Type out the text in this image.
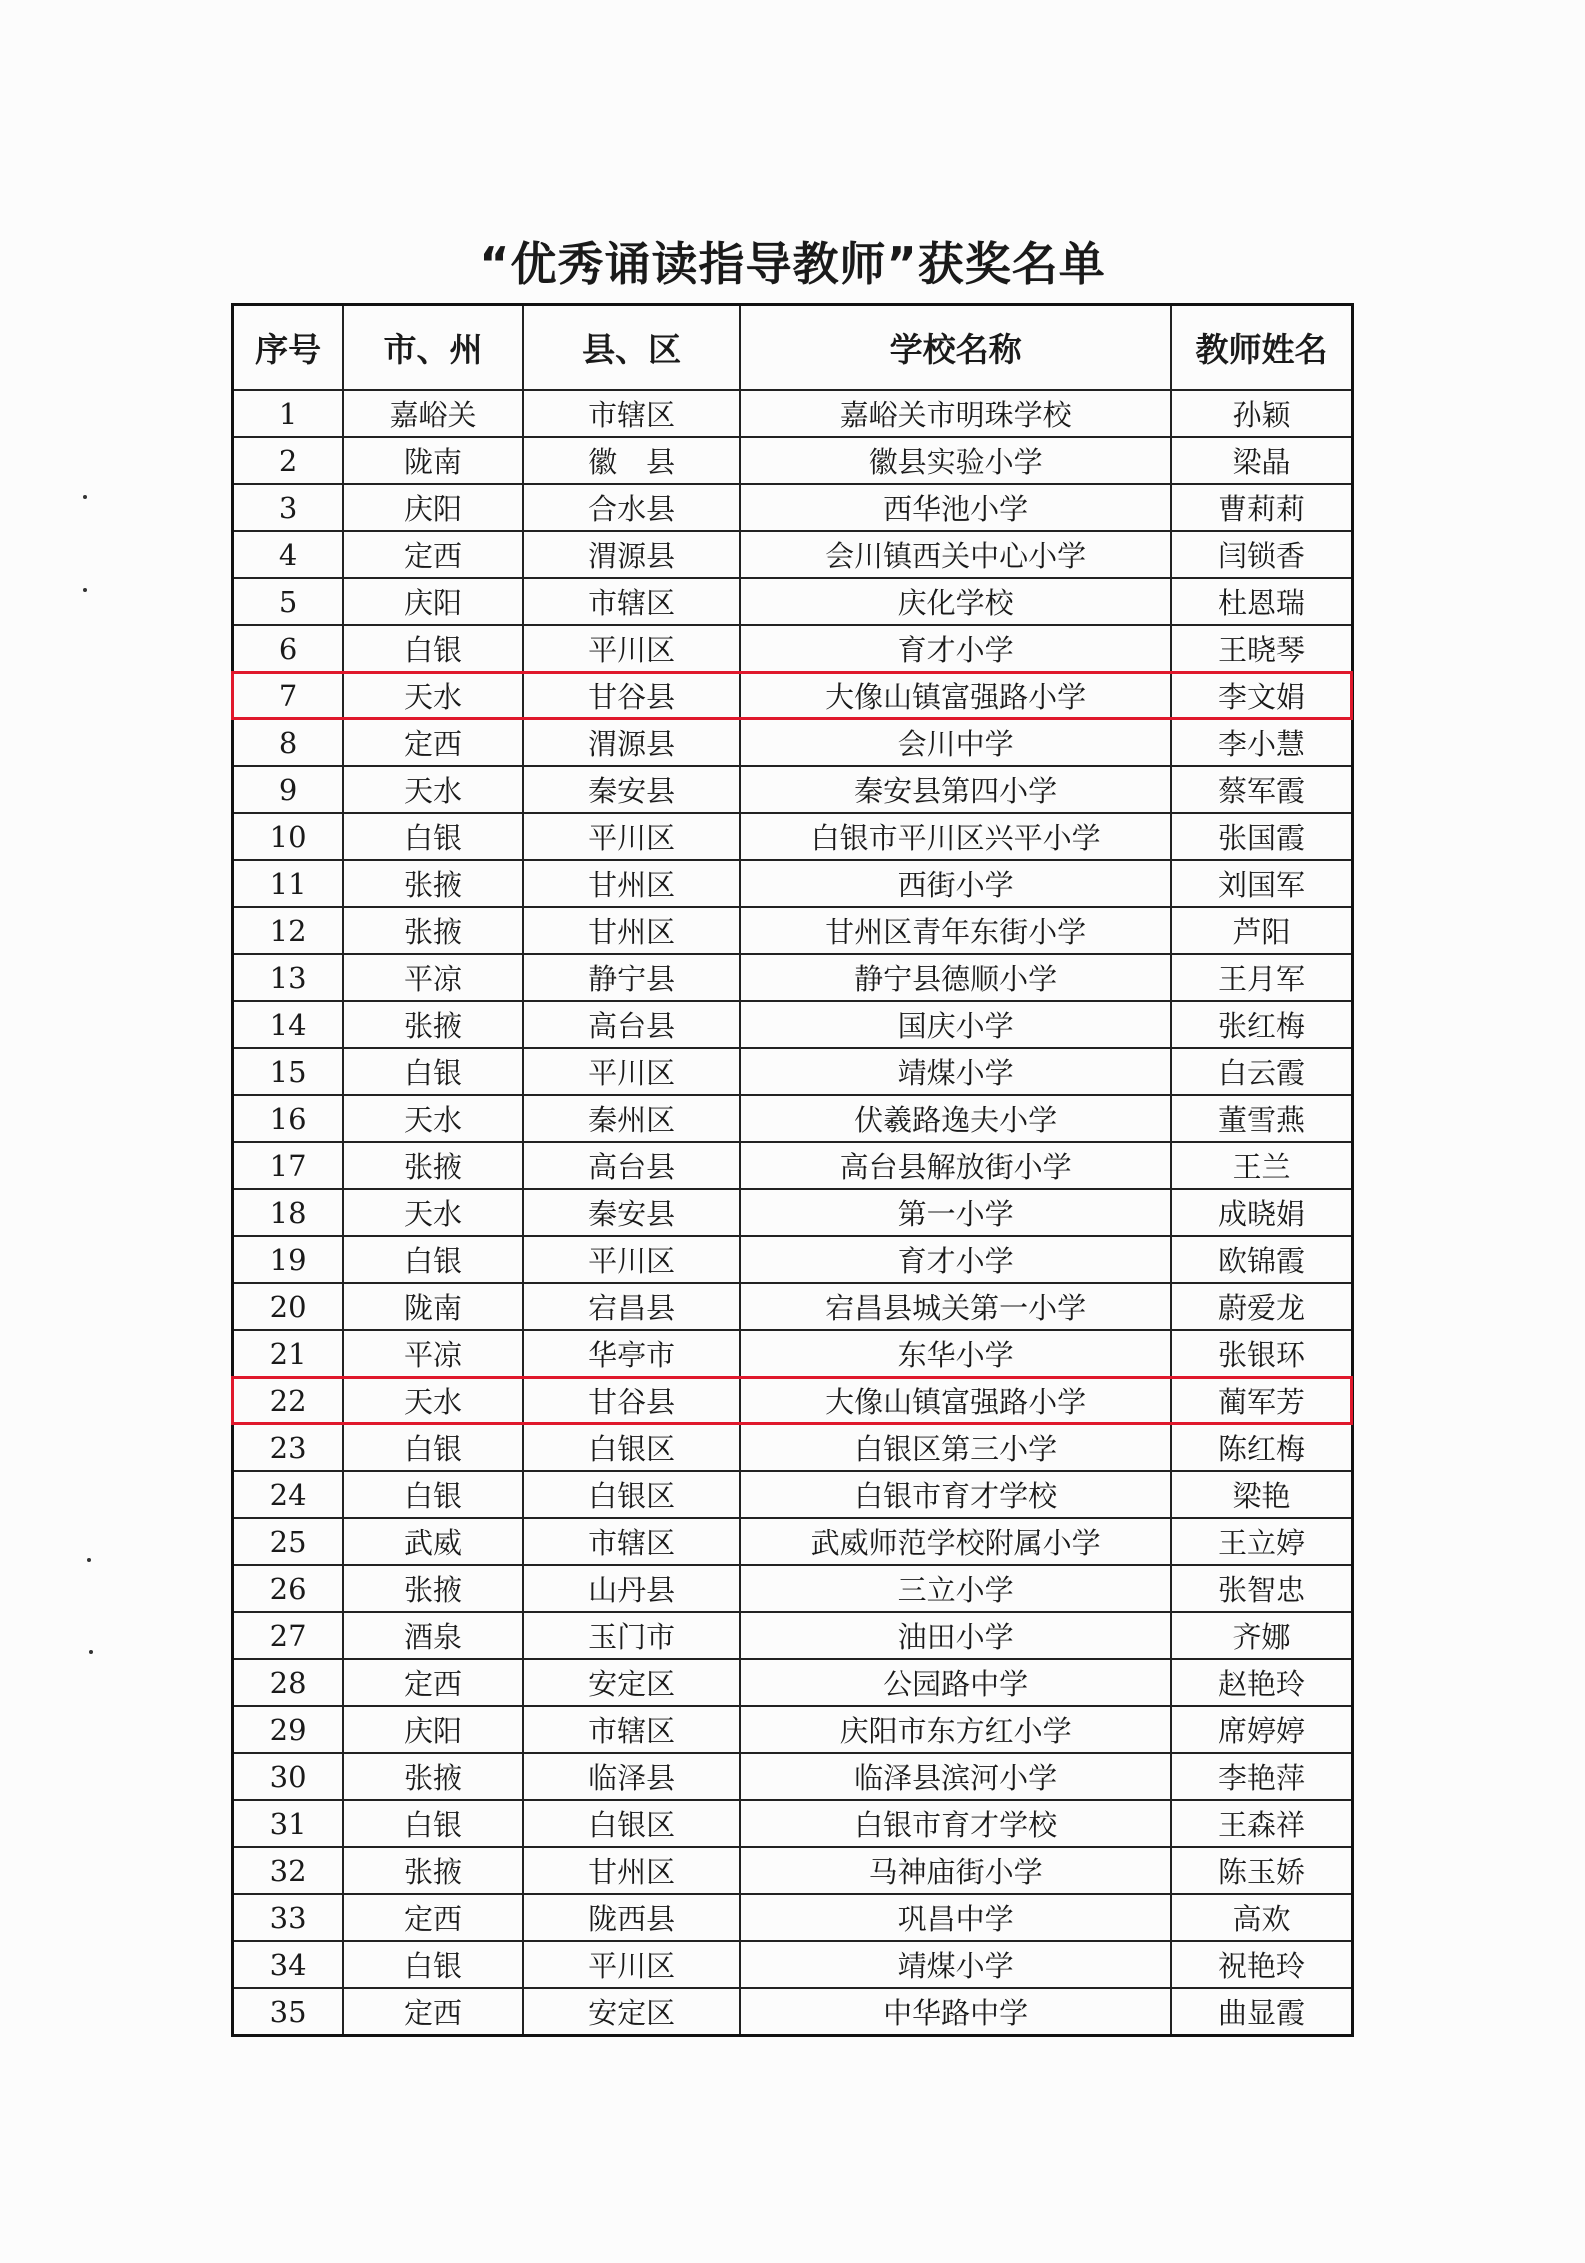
“优秀诵读指导教师”获奖名单
序号	市、州	县、区	学校名称	教师姓名
1	嘉峪关	市辖区	嘉峪关市明珠学校	孙颖
2	陇南	徽　县	徽县实验小学	梁晶
3	庆阳	合水县	西华池小学	曹莉莉
4	定西	渭源县	会川镇西关中心小学	闫锁香
5	庆阳	市辖区	庆化学校	杜恩瑞
6	白银	平川区	育才小学	王晓琴
7	天水	甘谷县	大像山镇富强路小学	李文娟
8	定西	渭源县	会川中学	李小慧
9	天水	秦安县	秦安县第四小学	蔡军霞
10	白银	平川区	白银市平川区兴平小学	张国霞
11	张掖	甘州区	西街小学	刘国军
12	张掖	甘州区	甘州区青年东街小学	芦阳
13	平凉	静宁县	静宁县德顺小学	王月军
14	张掖	高台县	国庆小学	张红梅
15	白银	平川区	靖煤小学	白云霞
16	天水	秦州区	伏羲路逸夫小学	董雪燕
17	张掖	高台县	高台县解放街小学	王兰
18	天水	秦安县	第一小学	成晓娟
19	白银	平川区	育才小学	欧锦霞
20	陇南	宕昌县	宕昌县城关第一小学	蔚爱龙
21	平凉	华亭市	东华小学	张银环
22	天水	甘谷县	大像山镇富强路小学	蔺军芳
23	白银	白银区	白银区第三小学	陈红梅
24	白银	白银区	白银市育才学校	梁艳
25	武威	市辖区	武威师范学校附属小学	王立婷
26	张掖	山丹县	三立小学	张智忠
27	酒泉	玉门市	油田小学	齐娜
28	定西	安定区	公园路中学	赵艳玲
29	庆阳	市辖区	庆阳市东方红小学	席婷婷
30	张掖	临泽县	临泽县滨河小学	李艳萍
31	白银	白银区	白银市育才学校	王森祥
32	张掖	甘州区	马神庙街小学	陈玉娇
33	定西	陇西县	巩昌中学	高欢
34	白银	平川区	靖煤小学	祝艳玲
35	定西	安定区	中华路中学	曲显霞
